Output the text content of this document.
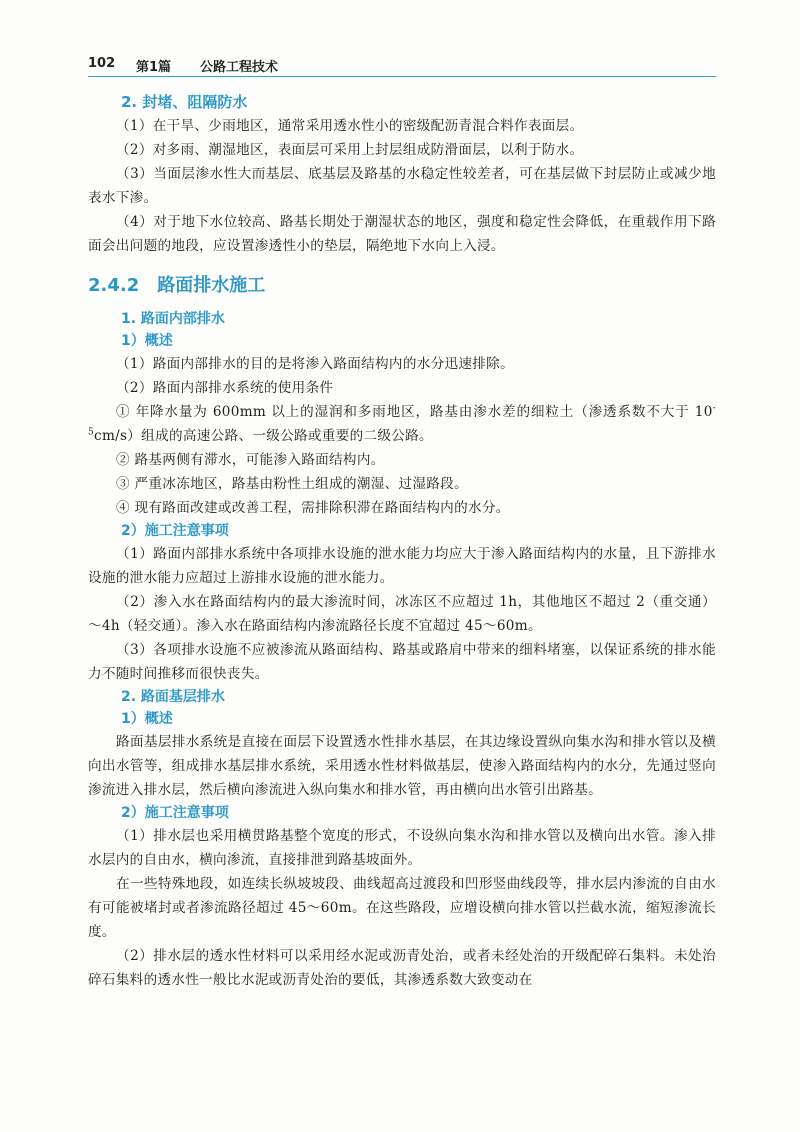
102 第1篇 公路工程技术
2. 封堵、阻隔防水

（1）在干旱、少雨地区，通常采用透水性小的密级配沥青混合料作表面层。

（2）对多雨、潮湿地区，表面层可采用上封层组成防滑面层，以利于防水。

（3）当面层渗水性大而基层、底基层及路基的水稳定性较差者，可在基层做下封层防止或减少地表水下渗。

（4）对于地下水位较高、路基长期处于潮湿状态的地区，强度和稳定性会降低，在重载作用下路面会出问题的地段，应设置渗透性小的垫层，隔绝地下水向上入浸。

2.4.2　路面排水施工
1. 路面内部排水
1）概述

（1）路面内部排水的目的是将渗入路面结构内的水分迅速排除。

（2）路面内部排水系统的使用条件

① 年降水量为 600mm 以上的湿润和多雨地区，路基由渗水差的细粒土（渗透系数不大于 $10^{-5}cm/s$）组成的高速公路、一级公路或重要的二级公路。

② 路基两侧有滞水，可能渗入路面结构内。

③ 严重冰冻地区，路基由粉性土组成的潮湿、过湿路段。

④ 现有路面改建或改善工程，需排除积滞在路面结构内的水分。

2）施工注意事项

（1）路面内部排水系统中各项排水设施的泄水能力均应大于渗入路面结构内的水量，且下游排水设施的泄水能力应超过上游排水设施的泄水能力。

（2）渗入水在路面结构内的最大渗流时间，冰冻区不应超过 1h，其他地区不超过 2（重交通）～4h（轻交通）。渗入水在路面结构内渗流路径长度不宜超过 45～60m。

（3）各项排水设施不应被渗流从路面结构、路基或路肩中带来的细料堵塞，以保证系统的排水能力不随时间推移而很快丧失。

2. 路面基层排水
1）概述

路面基层排水系统是直接在面层下设置透水性排水基层，在其边缘设置纵向集水沟和排水管以及横向出水管等，组成排水基层排水系统，采用透水性材料做基层，使渗入路面结构内的水分，先通过竖向渗流进入排水层，然后横向渗流进入纵向集水和排水管，再由横向出水管引出路基。

2）施工注意事项

（1）排水层也采用横贯路基整个宽度的形式，不设纵向集水沟和排水管以及横向出水管。渗入排水层内的自由水，横向渗流，直接排泄到路基坡面外。

在一些特殊地段，如连续长纵坡坡段、曲线超高过渡段和凹形竖曲线段等，排水层内渗流的自由水有可能被堵封或者渗流路径超过 45～60m。在这些路段，应增设横向排水管以拦截水流，缩短渗流长度。

（2）排水层的透水性材料可以采用经水泥或沥青处治，或者未经处治的开级配碎石集料。未处治碎石集料的透水性一般比水泥或沥青处治的要低，其渗透系数大致变动在
